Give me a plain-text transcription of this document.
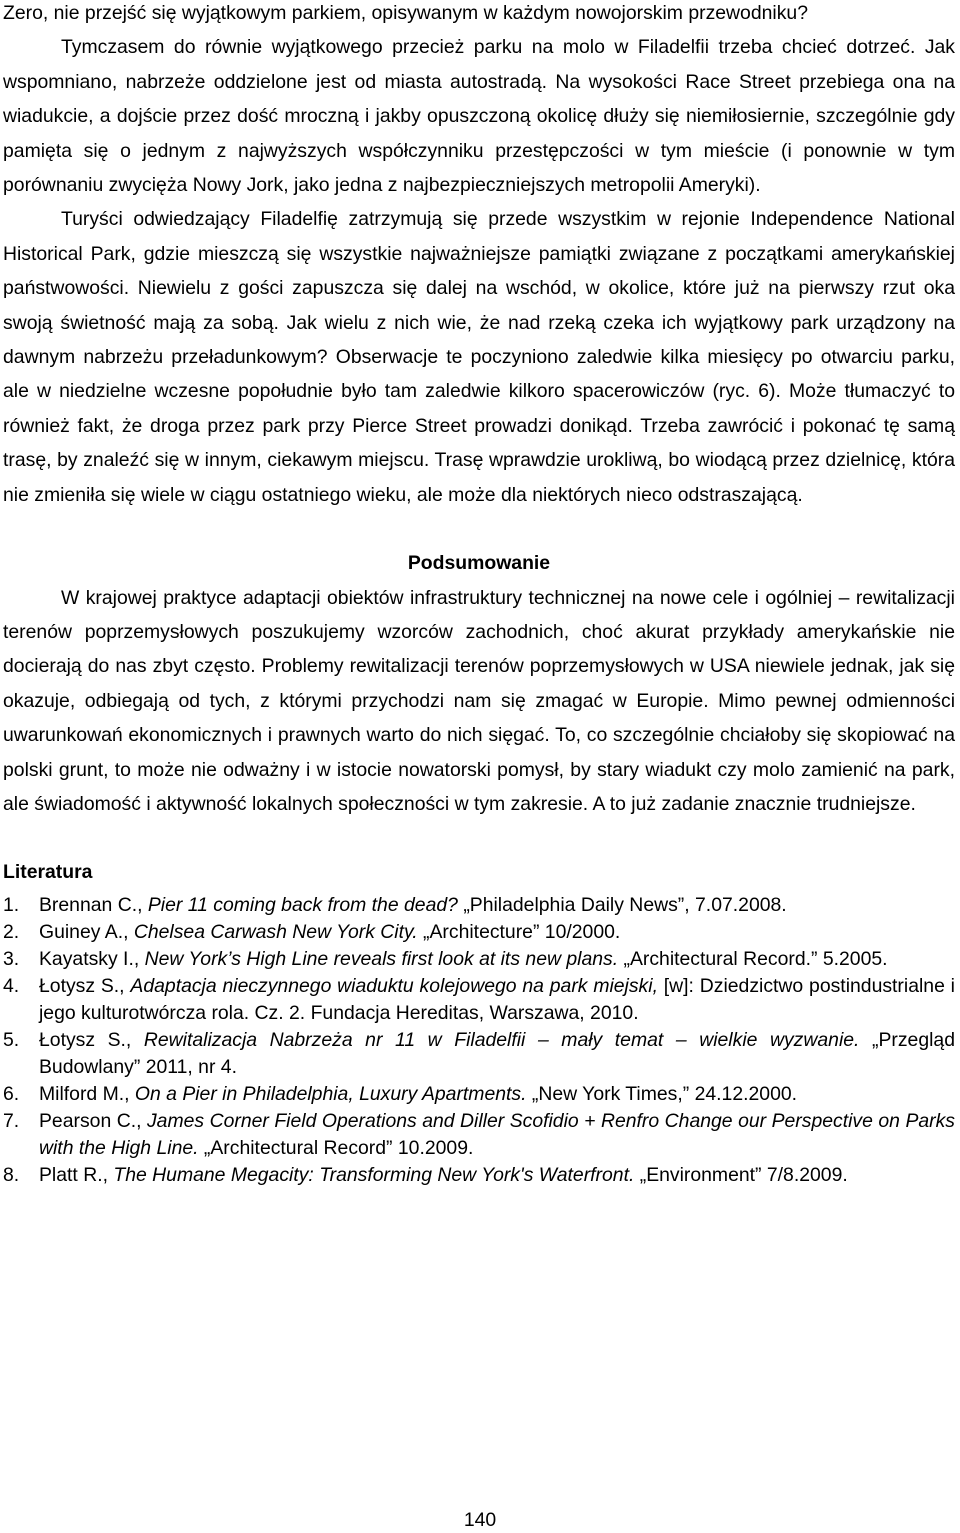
Zero, nie przejść się wyjątkowym parkiem, opisywanym w każdym nowojorskim przewodniku?

Tymczasem do równie wyjątkowego przecież parku na molo w Filadelfii trzeba chcieć dotrzeć. Jak wspomniano, nabrzeże oddzielone jest od miasta autostradą. Na wysokości Race Street przebiega ona na wiadukcie, a dojście przez dość mroczną i jakby opuszczoną okolicę dłuży się niemiłosiernie, szczególnie gdy pamięta się o jednym z najwyższych współczynniku przestępczości w tym mieście (i ponownie w tym porównaniu zwycięża Nowy Jork, jako jedna z najbezpieczniejszych metropolii Ameryki).

Turyści odwiedzający Filadelfię zatrzymują się przede wszystkim w rejonie Independence National Historical Park, gdzie mieszczą się wszystkie najważniejsze pamiątki związane z początkami amerykańskiej państwowości. Niewielu z gości zapuszcza się dalej na wschód, w okolice, które już na pierwszy rzut oka swoją świetność mają za sobą. Jak wielu z nich wie, że nad rzeką czeka ich wyjątkowy park urządzony na dawnym nabrzeżu przeładunkowym? Obserwacje te poczyniono zaledwie kilka miesięcy po otwarciu parku, ale w niedzielne wczesne popołudnie było tam zaledwie kilkoro spacerowiczów (ryc. 6). Może tłumaczyć to również fakt, że droga przez park przy Pierce Street prowadzi donikąd. Trzeba zawrócić i pokonać tę samą trasę, by znaleźć się w innym, ciekawym miejscu. Trasę wprawdzie urokliwą, bo wiodącą przez dzielnicę, która nie zmieniła się wiele w ciągu ostatniego wieku, ale może dla niektórych nieco odstraszającą.

Podsumowanie

W krajowej praktyce adaptacji obiektów infrastruktury technicznej na nowe cele i ogólniej – rewitalizacji terenów poprzemysłowych poszukujemy wzorców zachodnich, choć akurat przykłady amerykańskie nie docierają do nas zbyt często. Problemy rewitalizacji terenów poprzemysłowych w USA niewiele jednak, jak się okazuje, odbiegają od tych, z którymi przychodzi nam się zmagać w Europie. Mimo pewnej odmienności uwarunkowań ekonomicznych i prawnych warto do nich sięgać. To, co szczególnie chciałoby się skopiować na polski grunt, to może nie odważny i w istocie nowatorski pomysł, by stary wiadukt czy molo zamienić na park, ale świadomość i aktywność lokalnych społeczności w tym zakresie. A to już zadanie znacznie trudniejsze.

Literatura
1.	Brennan C., Pier 11 coming back from the dead? „Philadelphia Daily News”, 7.07.2008.
2.	Guiney A., Chelsea Carwash New York City. „Architecture” 10/2000.
3.	Kayatsky I., New York’s High Line reveals first look at its new plans. „Architectural Record.” 5.2005.
4.	Łotysz S., Adaptacja nieczynnego wiaduktu kolejowego na park miejski, [w]: Dziedzictwo postindustrialne i jego kulturotwórcza rola. Cz. 2. Fundacja Hereditas, Warszawa, 2010.
5.	Łotysz S., Rewitalizacja Nabrzeża nr 11 w Filadelfii – mały temat – wielkie wyzwanie. „Przegląd Budowlany” 2011, nr 4.
6.	Milford M., On a Pier in Philadelphia, Luxury Apartments. „New York Times,” 24.12.2000.
7.	Pearson C., James Corner Field Operations and Diller Scofidio + Renfro Change our Perspective on Parks with the High Line. „Architectural Record” 10.2009.
8.	Platt R., The Humane Megacity: Transforming New York's Waterfront. „Environment” 7/8.2009.
140
